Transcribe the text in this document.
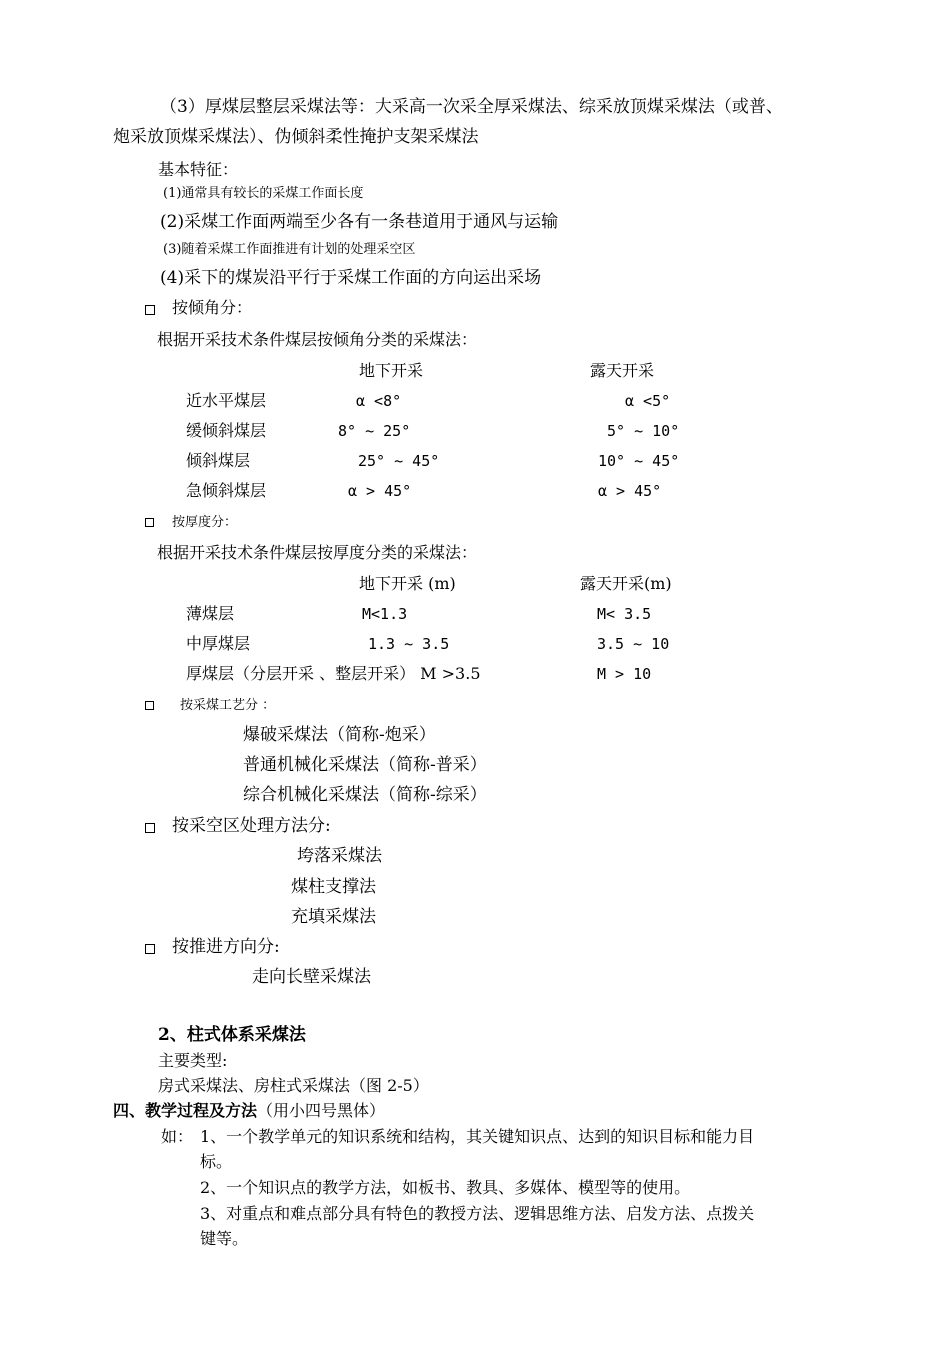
（3）厚煤层整层采煤法等：大采高一次采全厚采煤法、综采放顶煤采煤法（或普、
炮采放顶煤采煤法）、伪倾斜柔性掩护支架采煤法
基本特征：
(1)通常具有较长的采煤工作面长度
(2)采煤工作面两端至少各有一条巷道用于通风与运输
(3)随着采煤工作面推进有计划的处理采空区
(4)采下的煤炭沿平行于采煤工作面的方向运出采场
按倾角分：
根据开采技术条件煤层按倾角分类的采煤法：
地下开采	露天开采
近水平煤层	α <8°	α <5°
缓倾斜煤层	8° ~ 25°	5° ~ 10°
倾斜煤层	25° ~ 45°	10° ~ 45°
急倾斜煤层	α > 45°	α > 45°
按厚度分：
根据开采技术条件煤层按厚度分类的采煤法：
地下开采 (m)	露天开采(m)
薄煤层	M<1.3	M< 3.5
中厚煤层	1.3 ~ 3.5	3.5 ~ 10
厚煤层（分层开采 、整层开采） M >3.5	M > 10
按采煤工艺分 ：
爆破采煤法（简称-炮采）
普通机械化采煤法（简称-普采）
综合机械化采煤法（简称-综采）
按采空区处理方法分:
垮落采煤法
煤柱支撑法
充填采煤法
按推进方向分:
走向长壁采煤法
2、柱式体系采煤法
主要类型:
房式采煤法、房柱式采煤法（图 2-5）
四、教学过程及方法（用小四号黑体）
如： 1、一个教学单元的知识系统和结构，其关键知识点、达到的知识目标和能力目
标。
2、一个知识点的教学方法，如板书、教具、多媒体、模型等的使用。
3、对重点和难点部分具有特色的教授方法、逻辑思维方法、启发方法、点拨关
键等。
